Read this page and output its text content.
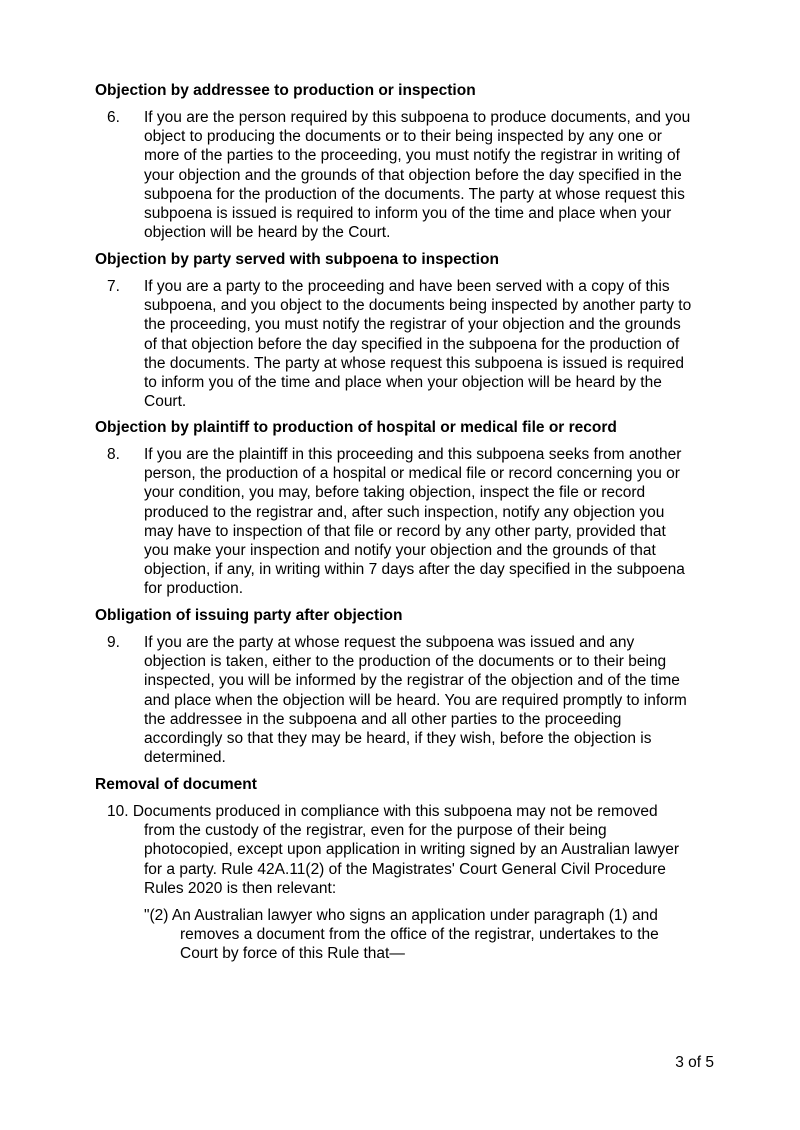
Objection by addressee to production or inspection
6. If you are the person required by this subpoena to produce documents, and you
object to producing the documents or to their being inspected by any one or
more of the parties to the proceeding, you must notify the registrar in writing of
your objection and the grounds of that objection before the day specified in the
subpoena for the production of the documents. The party at whose request this
subpoena is issued is required to inform you of the time and place when your
objection will be heard by the Court.
Objection by party served with subpoena to inspection
7. If you are a party to the proceeding and have been served with a copy of this
subpoena, and you object to the documents being inspected by another party to
the proceeding, you must notify the registrar of your objection and the grounds
of that objection before the day specified in the subpoena for the production of
the documents. The party at whose request this subpoena is issued is required
to inform you of the time and place when your objection will be heard by the
Court.
Objection by plaintiff to production of hospital or medical file or record
8. If you are the plaintiff in this proceeding and this subpoena seeks from another
person, the production of a hospital or medical file or record concerning you or
your condition, you may, before taking objection, inspect the file or record
produced to the registrar and, after such inspection, notify any objection you
may have to inspection of that file or record by any other party, provided that
you make your inspection and notify your objection and the grounds of that
objection, if any, in writing within 7 days after the day specified in the subpoena
for production.
Obligation of issuing party after objection
9. If you are the party at whose request the subpoena was issued and any
objection is taken, either to the production of the documents or to their being
inspected, you will be informed by the registrar of the objection and of the time
and place when the objection will be heard. You are required promptly to inform
the addressee in the subpoena and all other parties to the proceeding
accordingly so that they may be heard, if they wish, before the objection is
determined.
Removal of document
10. Documents produced in compliance with this subpoena may not be removed
from the custody of the registrar, even for the purpose of their being
photocopied, except upon application in writing signed by an Australian lawyer
for a party. Rule 42A.11(2) of the Magistrates' Court General Civil Procedure
Rules 2020 is then relevant:
"(2) An Australian lawyer who signs an application under paragraph (1) and
removes a document from the office of the registrar, undertakes to the
Court by force of this Rule that—
3 of 5
